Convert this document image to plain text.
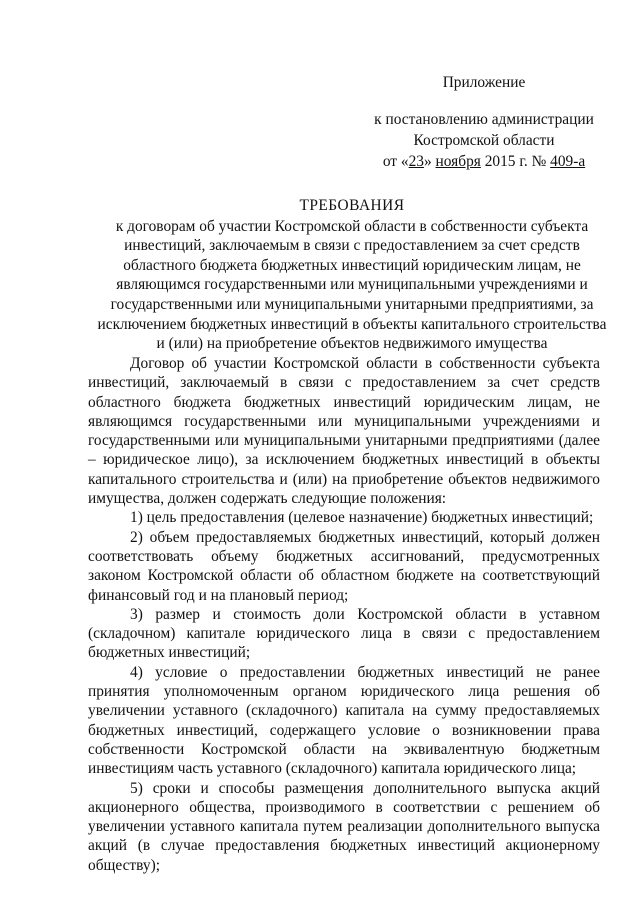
Приложение
к постановлению администрации
Костромской области
от «23» ноября 2015 г. № 409-а
ТРЕБОВАНИЯ
к договорам об участии Костромской области в собственности субъекта
инвестиций, заключаемым в связи с предоставлением за счет средств
областного бюджета бюджетных инвестиций юридическим лицам, не
являющимся государственными или муниципальными учреждениями и
государственными или муниципальными унитарными предприятиями, за
исключением бюджетных инвестиций в объекты капитального строительства
и (или) на приобретение объектов недвижимого имущества
Договор об участии Костромской области в собственности субъекта
инвестиций, заключаемый в связи с предоставлением за счет средств
областного бюджета бюджетных инвестиций юридическим лицам, не
являющимся государственными или муниципальными учреждениями и
государственными или муниципальными унитарными предприятиями (далее
– юридическое лицо), за исключением бюджетных инвестиций в объекты
капитального строительства и (или) на приобретение объектов недвижимого
имущества, должен содержать следующие положения:
1) цель предоставления (целевое назначение) бюджетных инвестиций;
2) объем предоставляемых бюджетных инвестиций, который должен
соответствовать объему бюджетных ассигнований, предусмотренных
законом Костромской области об областном бюджете на соответствующий
финансовый год и на плановый период;
3) размер и стоимость доли Костромской области в уставном
(складочном) капитале юридического лица в связи с предоставлением
бюджетных инвестиций;
4) условие о предоставлении бюджетных инвестиций не ранее
принятия уполномоченным органом юридического лица решения об
увеличении уставного (складочного) капитала на сумму предоставляемых
бюджетных инвестиций, содержащего условие о возникновении права
собственности Костромской области на эквивалентную бюджетным
инвестициям часть уставного (складочного) капитала юридического лица;
5) сроки и способы размещения дополнительного выпуска акций
акционерного общества, производимого в соответствии с решением об
увеличении уставного капитала путем реализации дополнительного выпуска
акций (в случае предоставления бюджетных инвестиций акционерному
обществу);
